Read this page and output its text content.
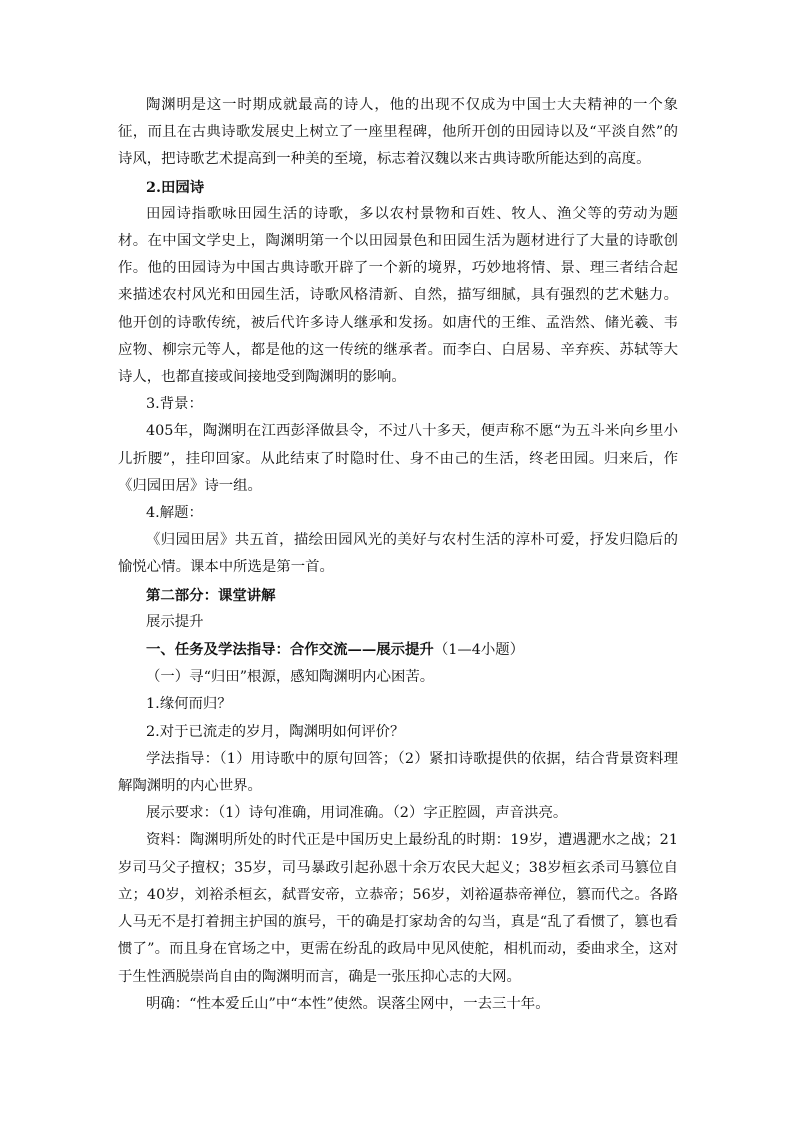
陶渊明是这一时期成就最高的诗人，他的出现不仅成为中国士大夫精神的一个象征，而且在古典诗歌发展史上树立了一座里程碑，他所开创的田园诗以及“平淡自然”的诗风，把诗歌艺术提高到一种美的至境，标志着汉魏以来古典诗歌所能达到的高度。

2.田园诗

田园诗指歌咏田园生活的诗歌，多以农村景物和百姓、牧人、渔父等的劳动为题材。在中国文学史上，陶渊明第一个以田园景色和田园生活为题材进行了大量的诗歌创作。他的田园诗为中国古典诗歌开辟了一个新的境界，巧妙地将情、景、理三者结合起来描述农村风光和田园生活，诗歌风格清新、自然，描写细腻，具有强烈的艺术魅力。他开创的诗歌传统，被后代许多诗人继承和发扬。如唐代的王维、孟浩然、储光羲、韦应物、柳宗元等人，都是他的这一传统的继承者。而李白、白居易、辛弃疾、苏轼等大诗人，也都直接或间接地受到陶渊明的影响。

3.背景：

405年，陶渊明在江西彭泽做县令，不过八十多天，便声称不愿“为五斗米向乡里小儿折腰”，挂印回家。从此结束了时隐时仕、身不由己的生活，终老田园。归来后，作《归园田居》诗一组。

4.解题：

《归园田居》共五首，描绘田园风光的美好与农村生活的淳朴可爱，抒发归隐后的愉悦心情。课本中所选是第一首。

第二部分：课堂讲解

展示提升

一、任务及学法指导：合作交流——展示提升（1—4小题）

（一）寻“归田”根源，感知陶渊明内心困苦。

1.缘何而归？

2.对于已流走的岁月，陶渊明如何评价？

学法指导：（1）用诗歌中的原句回答；（2）紧扣诗歌提供的依据，结合背景资料理解陶渊明的内心世界。

展示要求：（1）诗句准确，用词准确。（2）字正腔圆，声音洪亮。

资料：陶渊明所处的时代正是中国历史上最纷乱的时期：19岁，遭遇淝水之战；21岁司马父子擅权；35岁，司马暴政引起孙恩十余万农民大起义；38岁桓玄杀司马篡位自立；40岁，刘裕杀桓玄，弑晋安帝，立恭帝；56岁，刘裕逼恭帝禅位，篡而代之。各路人马无不是打着拥主护国的旗号，干的确是打家劫舍的勾当，真是“乱了看惯了，篡也看惯了”。而且身在官场之中，更需在纷乱的政局中见风使舵，相机而动，委曲求全，这对于生性洒脱崇尚自由的陶渊明而言，确是一张压抑心志的大网。

明确：“性本爱丘山”中“本性”使然。误落尘网中，一去三十年。
